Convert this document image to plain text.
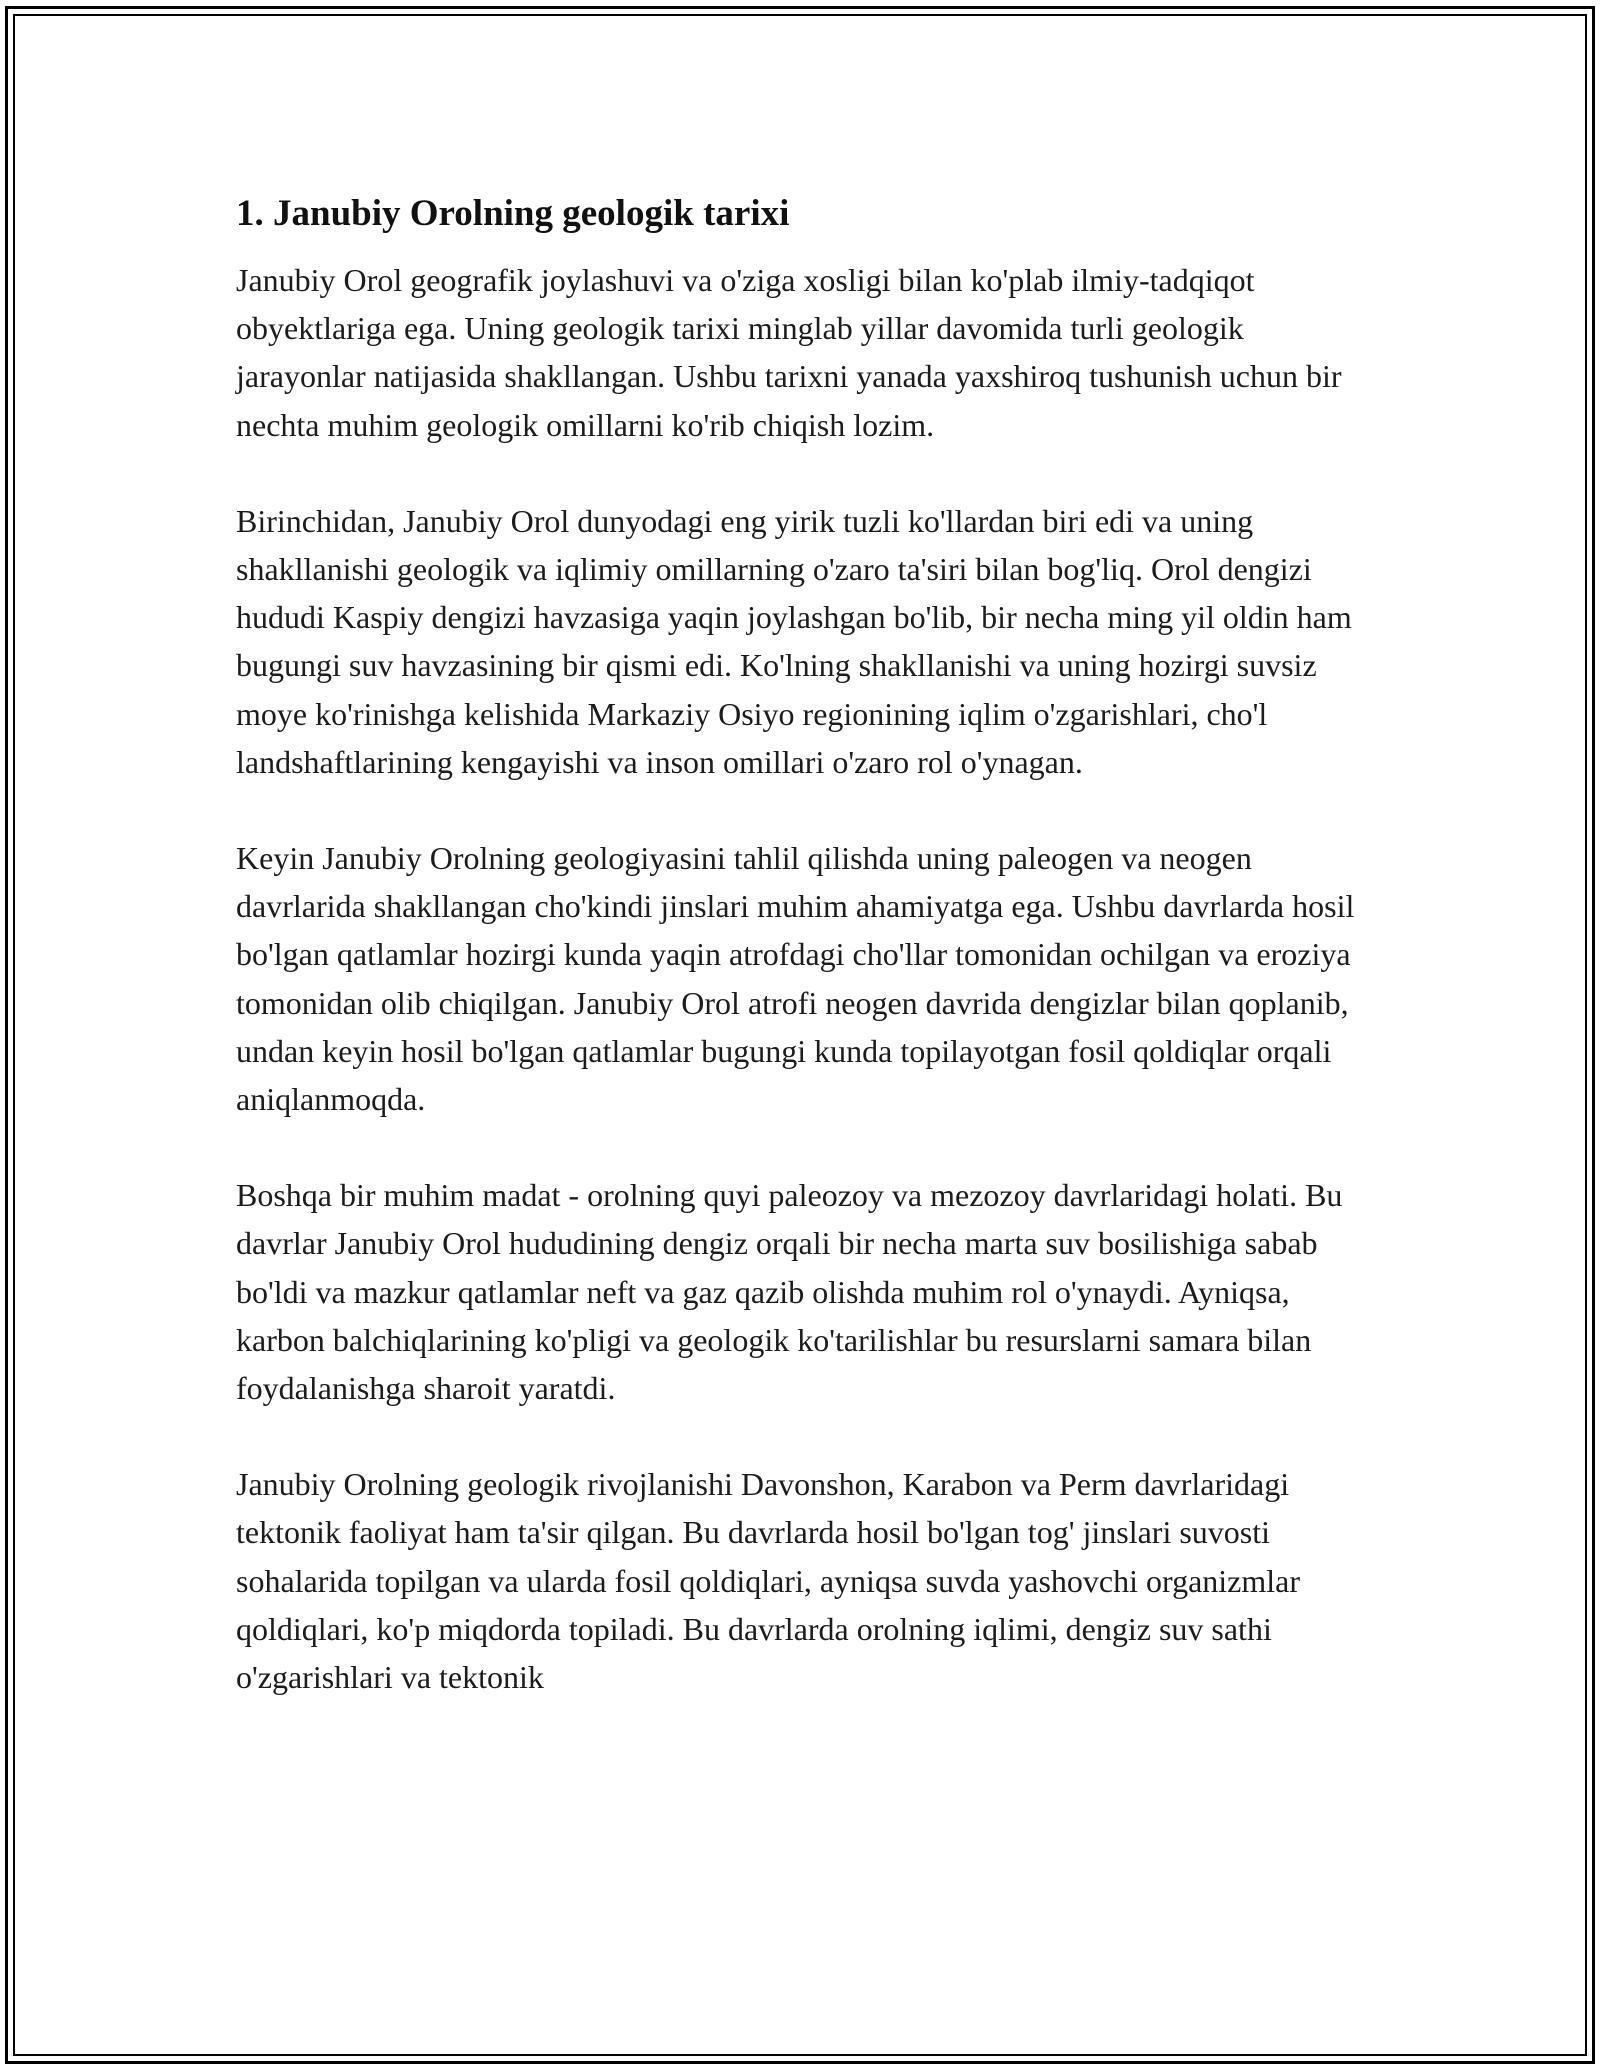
1. Janubiy Orolning geologik tarixi

Janubiy Orol geografik joylashuvi va o'ziga xosligi bilan ko'plab ilmiy-tadqiqot obyektlariga ega. Uning geologik tarixi minglab yillar davomida turli geologik jarayonlar natijasida shakllangan. Ushbu tarixni yanada yaxshiroq tushunish uchun bir nechta muhim geologik omillarni ko'rib chiqish lozim.

Birinchidan, Janubiy Orol dunyodagi eng yirik tuzli ko'llardan biri edi va uning shakllanishi geologik va iqlimiy omillarning o'zaro ta'siri bilan bog'liq. Orol dengizi hududi Kaspiy dengizi havzasiga yaqin joylashgan bo'lib, bir necha ming yil oldin ham bugungi suv havzasining bir qismi edi. Ko'lning shakllanishi va uning hozirgi suvsiz moye ko'rinishga kelishida Markaziy Osiyo regionining iqlim o'zgarishlari, cho'l landshaftlarining kengayishi va inson omillari o'zaro rol o'ynagan.

Keyin Janubiy Orolning geologiyasini tahlil qilishda uning paleogen va neogen davrlarida shakllangan cho'kindi jinslari muhim ahamiyatga ega. Ushbu davrlarda hosil bo'lgan qatlamlar hozirgi kunda yaqin atrofdagi cho'llar tomonidan ochilgan va eroziya tomonidan olib chiqilgan. Janubiy Orol atrofi neogen davrida dengizlar bilan qoplanib, undan keyin hosil bo'lgan qatlamlar bugungi kunda topilayotgan fosil qoldiqlar orqali aniqlanmoqda.

Boshqa bir muhim madat - orolning quyi paleozoy va mezozoy davrlaridagi holati. Bu davrlar Janubiy Orol hududining dengiz orqali bir necha marta suv bosilishiga sabab bo'ldi va mazkur qatlamlar neft va gaz qazib olishda muhim rol o'ynaydi. Ayniqsa, karbon balchiqlarining ko'pligi va geologik ko'tarilishlar bu resurslarni samara bilan foydalanishga sharoit yaratdi.

Janubiy Orolning geologik rivojlanishi Davonshon, Karabon va Perm davrlaridagi tektonik faoliyat ham ta'sir qilgan. Bu davrlarda hosil bo'lgan tog' jinslari suvosti sohalarida topilgan va ularda fosil qoldiqlari, ayniqsa suvda yashovchi organizmlar qoldiqlari, ko'p miqdorda topiladi. Bu davrlarda orolning iqlimi, dengiz suv sathi o'zgarishlari va tektonik
